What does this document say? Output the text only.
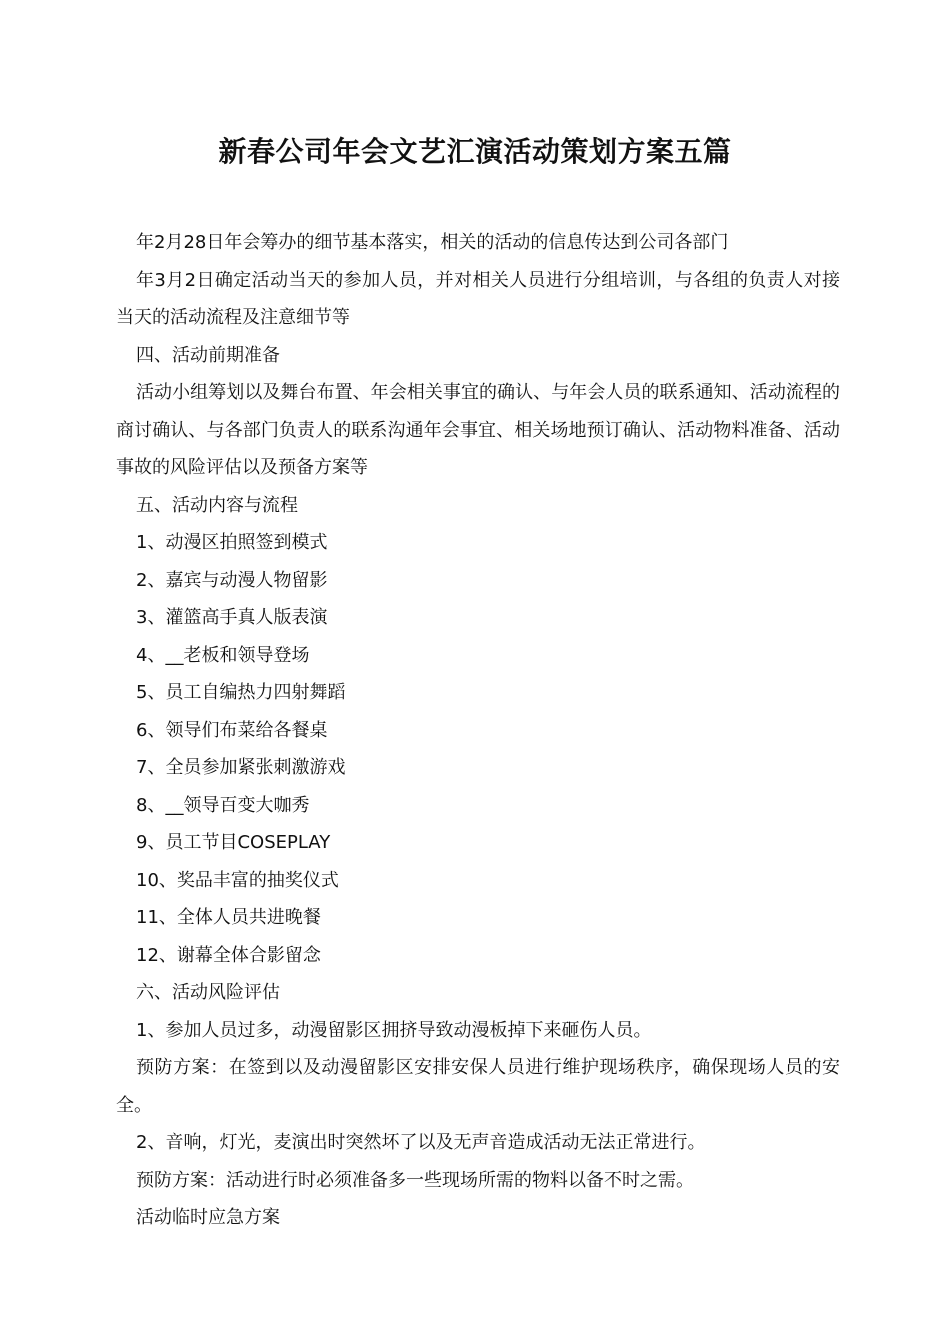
新春公司年会文艺汇演活动策划方案五篇

年2月28日年会筹办的细节基本落实，相关的活动的信息传达到公司各部门

年3月2日确定活动当天的参加人员，并对相关人员进行分组培训，与各组的负责人对接当天的活动流程及注意细节等

四、活动前期准备

活动小组筹划以及舞台布置、年会相关事宜的确认、与年会人员的联系通知、活动流程的商讨确认、与各部门负责人的联系沟通年会事宜、相关场地预订确认、活动物料准备、活动事故的风险评估以及预备方案等

五、活动内容与流程

1、动漫区拍照签到模式

2、嘉宾与动漫人物留影

3、灌篮高手真人版表演

4、__老板和领导登场

5、员工自编热力四射舞蹈

6、领导们布菜给各餐桌

7、全员参加紧张刺激游戏

8、__领导百变大咖秀

9、员工节目COSEPLAY

10、奖品丰富的抽奖仪式

11、全体人员共进晚餐

12、谢幕全体合影留念

六、活动风险评估

1、参加人员过多，动漫留影区拥挤导致动漫板掉下来砸伤人员。

预防方案：在签到以及动漫留影区安排安保人员进行维护现场秩序，确保现场人员的安全。

2、音响，灯光，麦演出时突然坏了以及无声音造成活动无法正常进行。

预防方案：活动进行时必须准备多一些现场所需的物料以备不时之需。

活动临时应急方案
